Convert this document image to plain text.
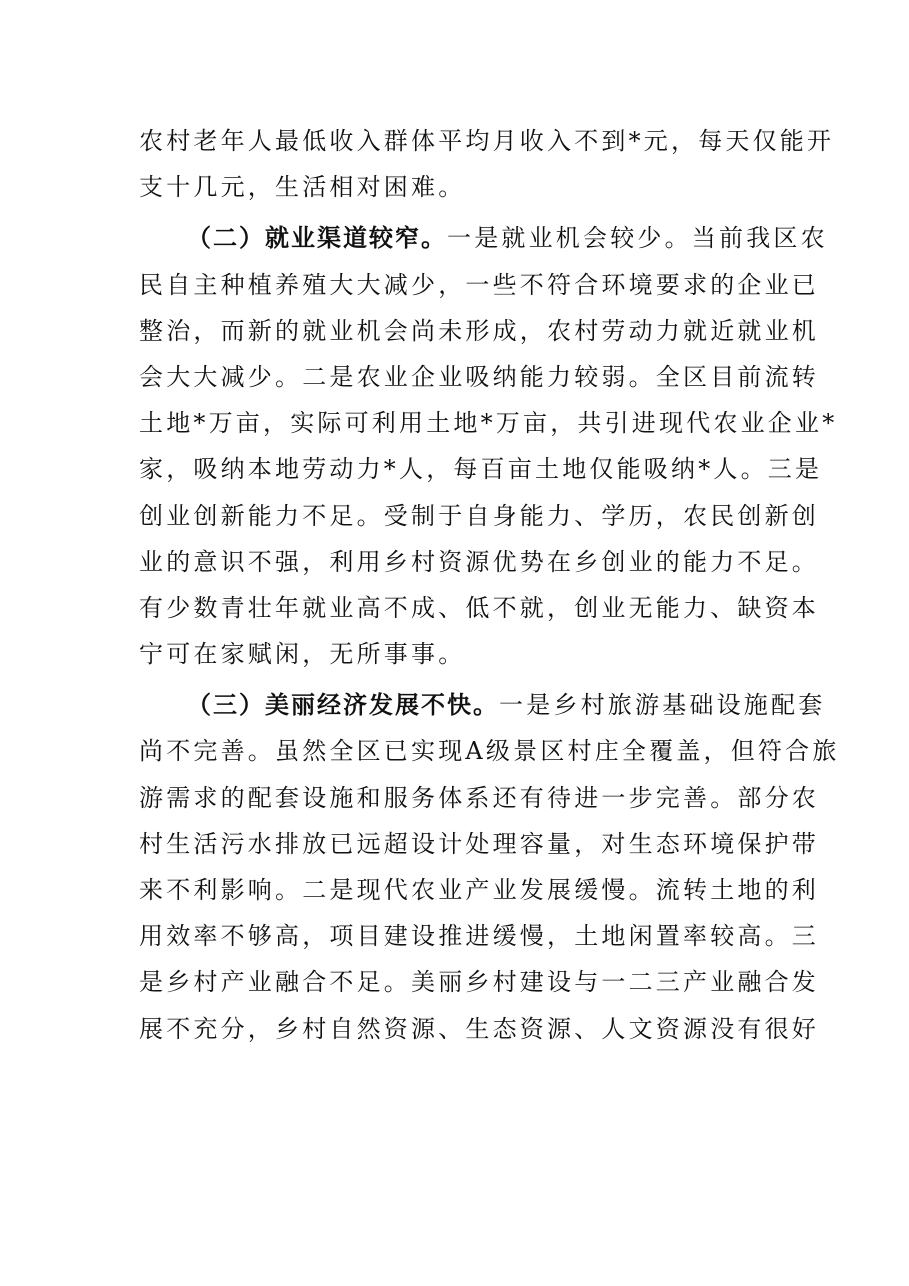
农村老年人最低收入群体平均月收入不到*元，每天仅能开
支十几元，生活相对困难。
（二）就业渠道较窄。一是就业机会较少。当前我区农
民自主种植养殖大大减少，一些不符合环境要求的企业已
整治，而新的就业机会尚未形成，农村劳动力就近就业机
会大大减少。二是农业企业吸纳能力较弱。全区目前流转
土地*万亩，实际可利用土地*万亩，共引进现代农业企业*
家，吸纳本地劳动力*人，每百亩土地仅能吸纳*人。三是
创业创新能力不足。受制于自身能力、学历，农民创新创
业的意识不强，利用乡村资源优势在乡创业的能力不足。
有少数青壮年就业高不成、低不就，创业无能力、缺资本
宁可在家赋闲，无所事事。
（三）美丽经济发展不快。一是乡村旅游基础设施配套
尚不完善。虽然全区已实现A级景区村庄全覆盖，但符合旅
游需求的配套设施和服务体系还有待进一步完善。部分农
村生活污水排放已远超设计处理容量，对生态环境保护带
来不利影响。二是现代农业产业发展缓慢。流转土地的利
用效率不够高，项目建设推进缓慢，土地闲置率较高。三
是乡村产业融合不足。美丽乡村建设与一二三产业融合发
展不充分，乡村自然资源、生态资源、人文资源没有很好
